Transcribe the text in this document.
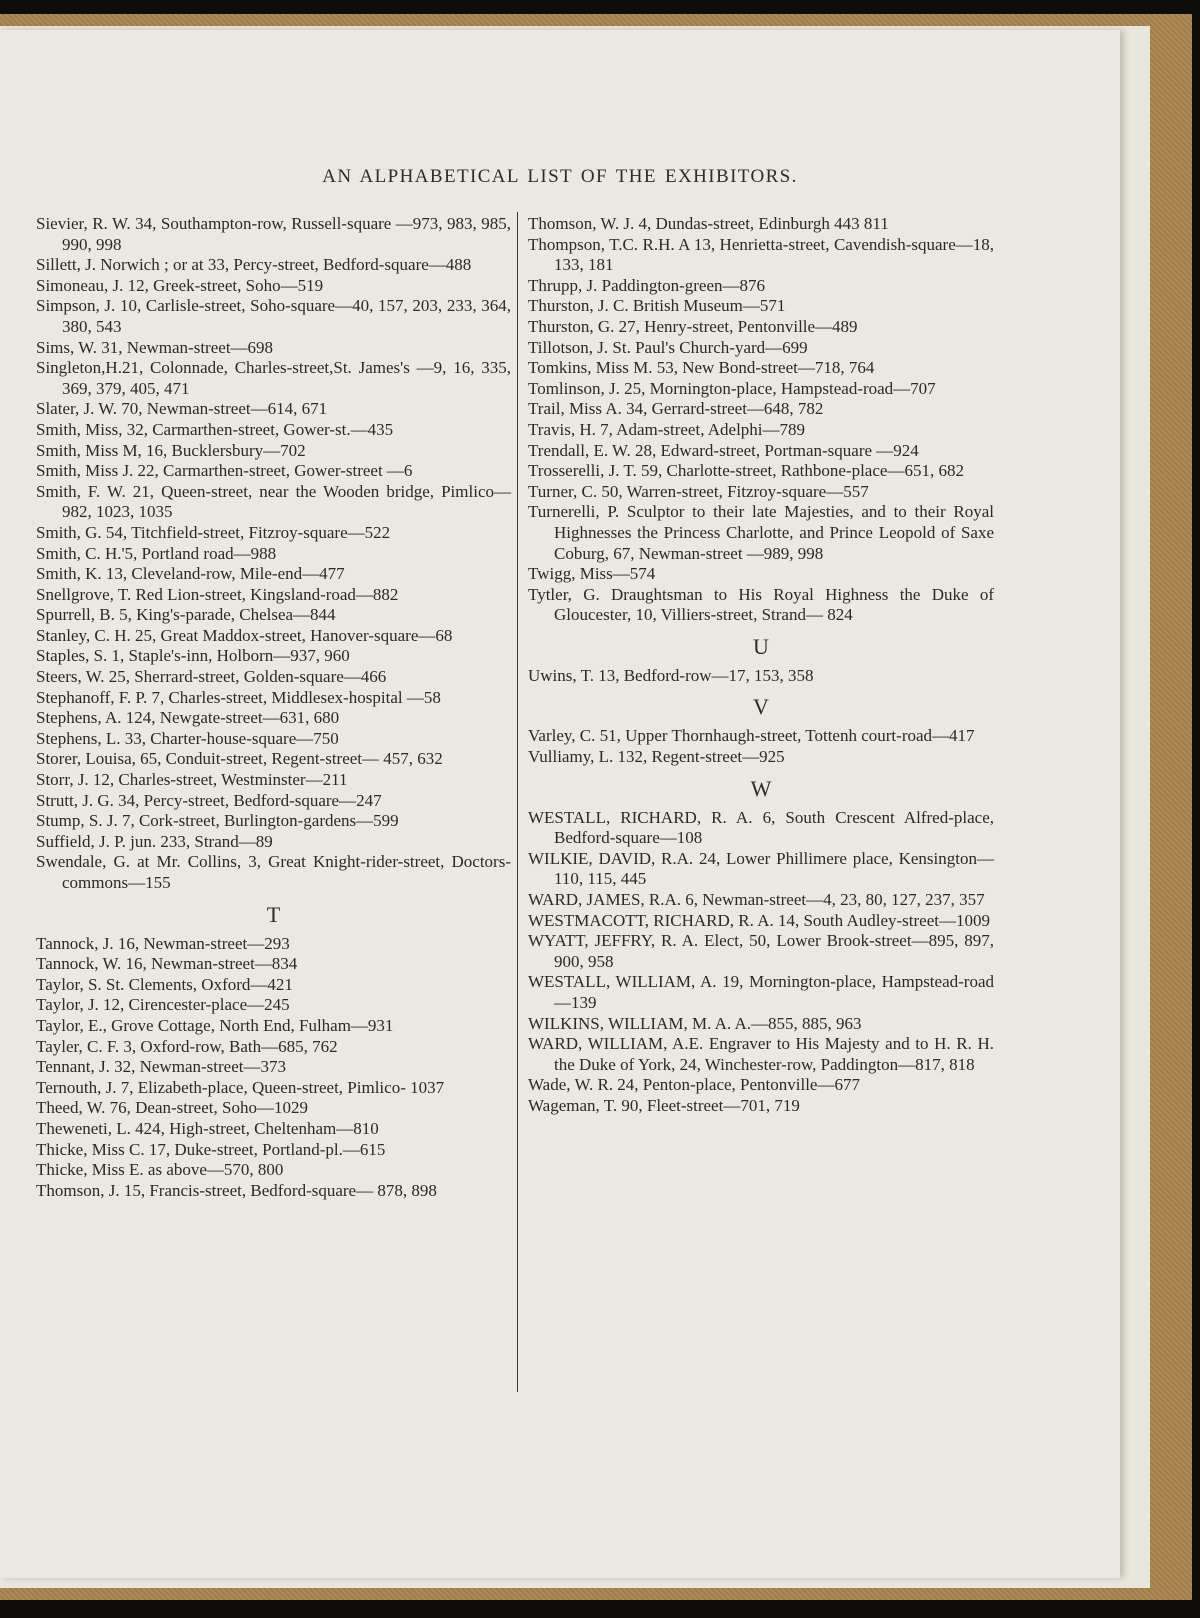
AN ALPHABETICAL LIST OF THE EXHIBITORS.
Sievier, R. W. 34, Southampton-row, Russell-square —973, 983, 985, 990, 998
Sillett, J. Norwich ; or at 33, Percy-street, Bedford-square—488
Simoneau, J. 12, Greek-street, Soho—519
Simpson, J. 10, Carlisle-street, Soho-square—40, 157, 203, 233, 364, 380, 543
Sims, W. 31, Newman-street—698
Singleton,H.21, Colonnade, Charles-street,St. James's —9, 16, 335, 369, 379, 405, 471
Slater, J. W. 70, Newman-street—614, 671
Smith, Miss, 32, Carmarthen-street, Gower-st.—435
Smith, Miss M, 16, Bucklersbury—702
Smith, Miss J. 22, Carmarthen-street, Gower-street —6
Smith, F. W. 21, Queen-street, near the Wooden bridge, Pimlico—982, 1023, 1035
Smith, G. 54, Titchfield-street, Fitzroy-square—522
Smith, C. H.'5, Portland road—988
Smith, K. 13, Cleveland-row, Mile-end—477
Snellgrove, T. Red Lion-street, Kingsland-road—882
Spurrell, B. 5, King's-parade, Chelsea—844
Stanley, C. H. 25, Great Maddox-street, Hanover-square—68
Staples, S. 1, Staple's-inn, Holborn—937, 960
Steers, W. 25, Sherrard-street, Golden-square—466
Stephanoff, F. P. 7, Charles-street, Middlesex-hospital —58
Stephens, A. 124, Newgate-street—631, 680
Stephens, L. 33, Charter-house-square—750
Storer, Louisa, 65, Conduit-street, Regent-street— 457, 632
Storr, J. 12, Charles-street, Westminster—211
Strutt, J. G. 34, Percy-street, Bedford-square—247
Stump, S. J. 7, Cork-street, Burlington-gardens—599
Suffield, J. P. jun. 233, Strand—89
Swendale, G. at Mr. Collins, 3, Great Knight-rider-street, Doctors-commons—155
T
Tannock, J. 16, Newman-street—293
Tannock, W. 16, Newman-street—834
Taylor, S. St. Clements, Oxford—421
Taylor, J. 12, Cirencester-place—245
Taylor, E., Grove Cottage, North End, Fulham—931
Tayler, C. F. 3, Oxford-row, Bath—685, 762
Tennant, J. 32, Newman-street—373
Ternouth, J. 7, Elizabeth-place, Queen-street, Pimlico- 1037
Theed, W. 76, Dean-street, Soho—1029
Theweneti, L. 424, High-street, Cheltenham—810
Thicke, Miss C. 17, Duke-street, Portland-pl.—615
Thicke, Miss E. as above—570, 800
Thomson, J. 15, Francis-street, Bedford-square— 878, 898
Thomson, W. J. 4, Dundas-street, Edinburgh 443 811
Thompson, T.C. R.H. A 13, Henrietta-street, Cavendish-square—18, 133, 181
Thrupp, J. Paddington-green—876
Thurston, J. C. British Museum—571
Thurston, G. 27, Henry-street, Pentonville—489
Tillotson, J. St. Paul's Church-yard—699
Tomkins, Miss M. 53, New Bond-street—718, 764
Tomlinson, J. 25, Mornington-place, Hampstead-road—707
Trail, Miss A. 34, Gerrard-street—648, 782
Travis, H. 7, Adam-street, Adelphi—789
Trendall, E. W. 28, Edward-street, Portman-square —924
Trosserelli, J. T. 59, Charlotte-street, Rathbone-place—651, 682
Turner, C. 50, Warren-street, Fitzroy-square—557
Turnerelli, P. Sculptor to their late Majesties, and to their Royal Highnesses the Princess Charlotte, and Prince Leopold of Saxe Coburg, 67, Newman-street —989, 998
Twigg, Miss—574
Tytler, G. Draughtsman to His Royal Highness the Duke of Gloucester, 10, Villiers-street, Strand— 824
U
Uwins, T. 13, Bedford-row—17, 153, 358
V
Varley, C. 51, Upper Thornhaugh-street, Tottenh court-road—417
Vulliamy, L. 132, Regent-street—925
W
WESTALL, RICHARD, R. A. 6, South Crescent Alfred-place, Bedford-square—108
WILKIE, DAVID, R.A. 24, Lower Phillimere place, Kensington—110, 115, 445
WARD, JAMES, R.A. 6, Newman-street—4, 23, 80, 127, 237, 357
WESTMACOTT, RICHARD, R. A. 14, South Audley-street—1009
WYATT, JEFFRY, R. A. Elect, 50, Lower Brook-street—895, 897, 900, 958
WESTALL, WILLIAM, A. 19, Mornington-place, Hampstead-road—139
WILKINS, WILLIAM, M. A. A.—855, 885, 963
WARD, WILLIAM, A.E. Engraver to His Majesty and to H. R. H. the Duke of York, 24, Winchester-row, Paddington—817, 818
Wade, W. R. 24, Penton-place, Pentonville—677
Wageman, T. 90, Fleet-street—701, 719
